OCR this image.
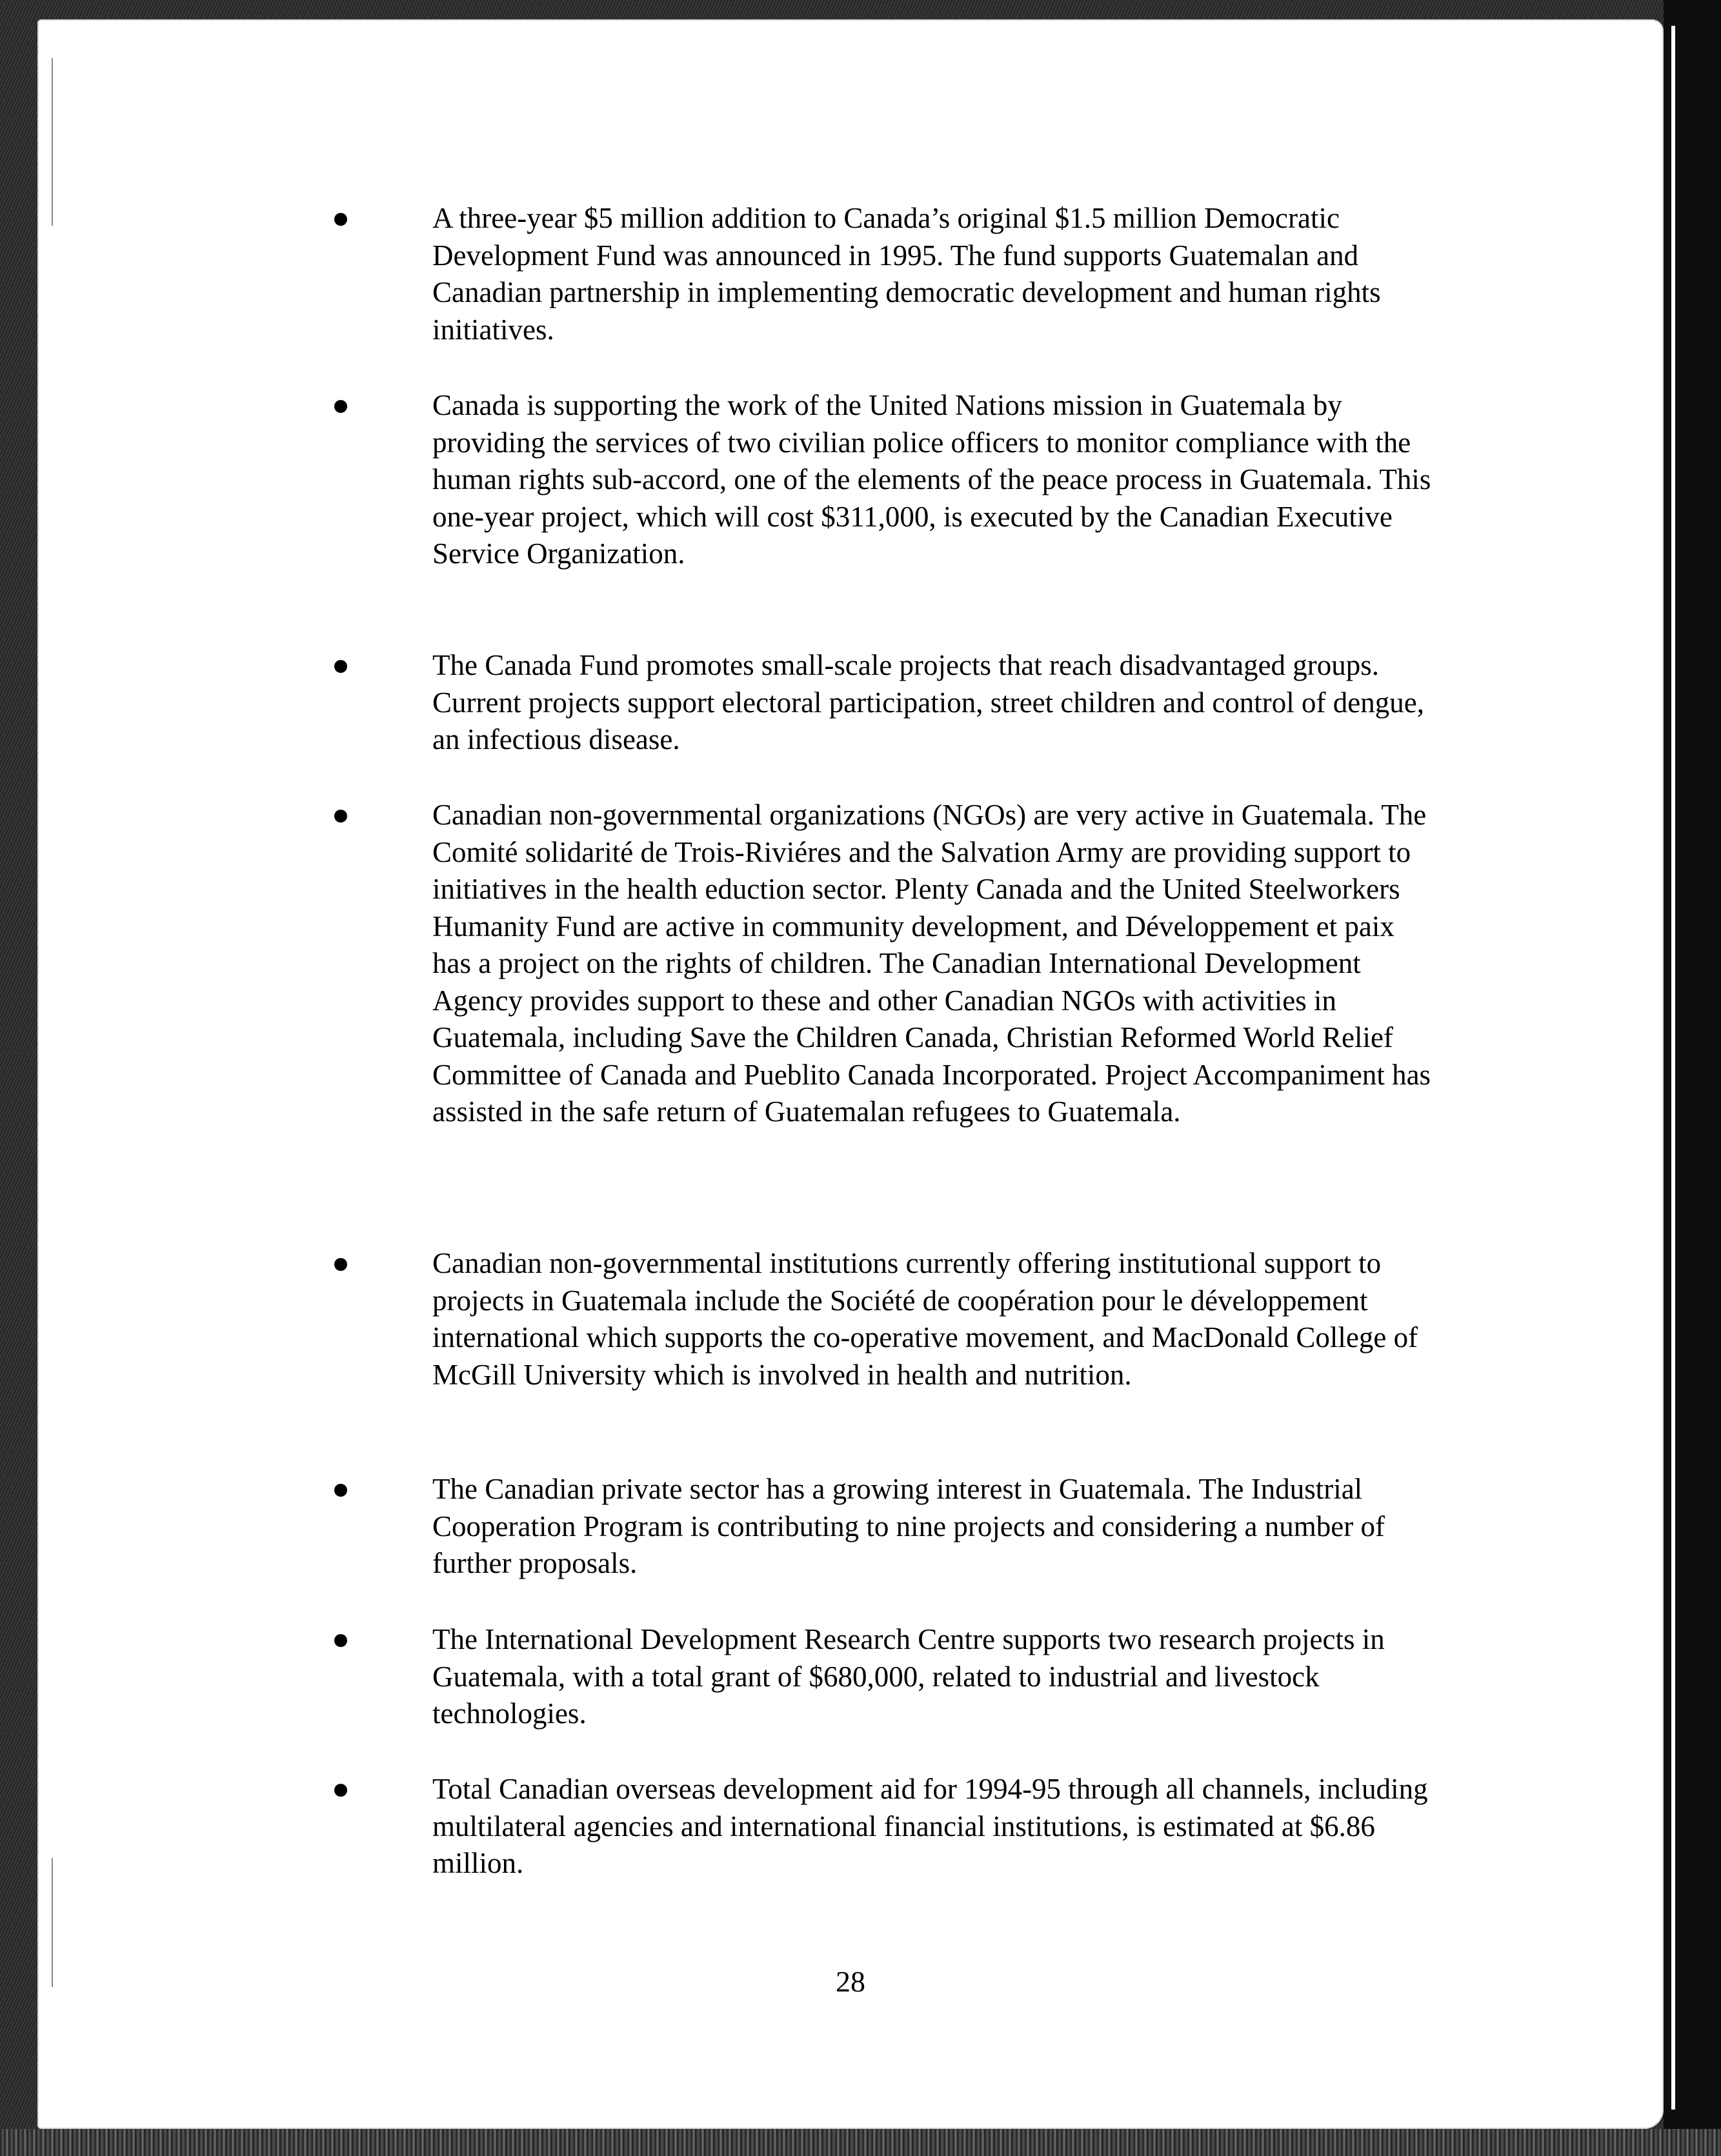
A three-year $5 million addition to Canada’s original $1.5 million Democratic Development Fund was announced in 1995. The fund supports Guatemalan and Canadian partnership in implementing democratic development and human rights initiatives.
Canada is supporting the work of the United Nations mission in Guatemala by providing the services of two civilian police officers to monitor compliance with the human rights sub-accord, one of the elements of the peace process in Guatemala. This one-year project, which will cost $311,000, is executed by the Canadian Executive Service Organization.
The Canada Fund promotes small-scale projects that reach disadvantaged groups. Current projects support electoral participation, street children and control of dengue, an infectious disease.
Canadian non-governmental organizations (NGOs) are very active in Guatemala. The Comité solidarité de Trois-Riviéres and the Salvation Army are providing support to initiatives in the health eduction sector. Plenty Canada and the United Steelworkers Humanity Fund are active in community development, and Développement et paix has a project on the rights of children. The Canadian International Development Agency provides support to these and other Canadian NGOs with activities in Guatemala, including Save the Children Canada, Christian Reformed World Relief Committee of Canada and Pueblito Canada Incorporated. Project Accompaniment has assisted in the safe return of Guatemalan refugees to Guatemala.
Canadian non-governmental institutions currently offering institutional support to projects in Guatemala include the Société de coopération pour le développement international which supports the co-operative movement, and MacDonald College of McGill University which is involved in health and nutrition.
The Canadian private sector has a growing interest in Guatemala. The Industrial Cooperation Program is contributing to nine projects and considering a number of further proposals.
The International Development Research Centre supports two research projects in Guatemala, with a total grant of $680,000, related to industrial and livestock technologies.
Total Canadian overseas development aid for 1994-95 through all channels, including multilateral agencies and international financial institutions, is estimated at $6.86 million.
28
